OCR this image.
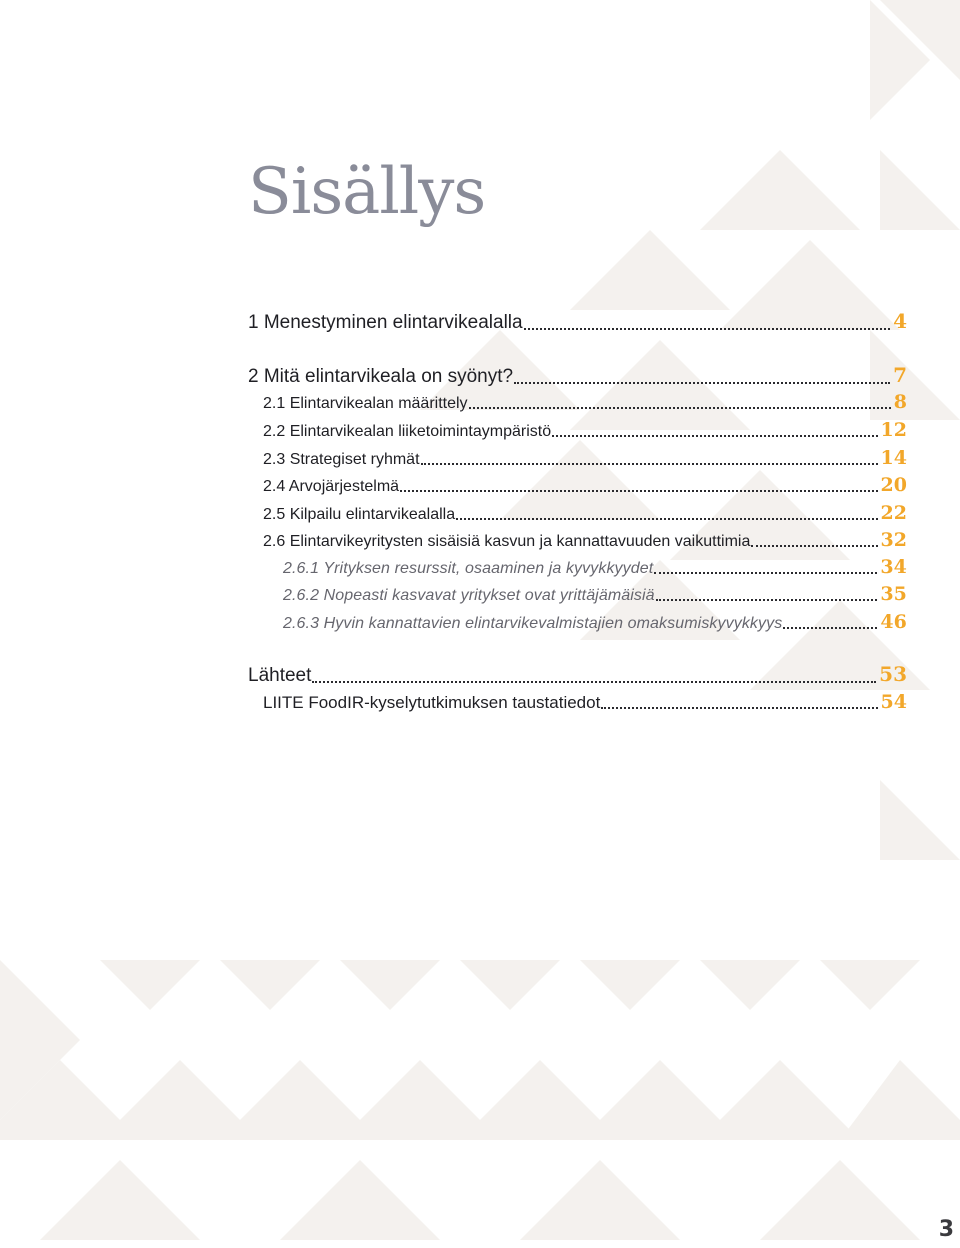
Sisällys
1 Menestyminen elintarvikealalla	4
2 Mitä elintarvikeala on syönyt?	7
2.1 Elintarvikealan määrittely	8
2.2 Elintarvikealan liiketoimintaympäristö	12
2.3 Strategiset ryhmät	14
2.4 Arvojärjestelmä	20
2.5 Kilpailu elintarvikealalla	22
2.6 Elintarvikeyritysten sisäisiä kasvun ja kannattavuuden vaikuttimia	32
2.6.1 Yrityksen resurssit, osaaminen ja kyvykkyydet	34
2.6.2 Nopeasti kasvavat yritykset ovat yrittäjämäisiä	35
2.6.3 Hyvin kannattavien elintarvikevalmistajien omaksumiskyvykkyys	46
Lähteet	53
LIITE FoodIR-kyselytutkimuksen taustatiedot	54
3
